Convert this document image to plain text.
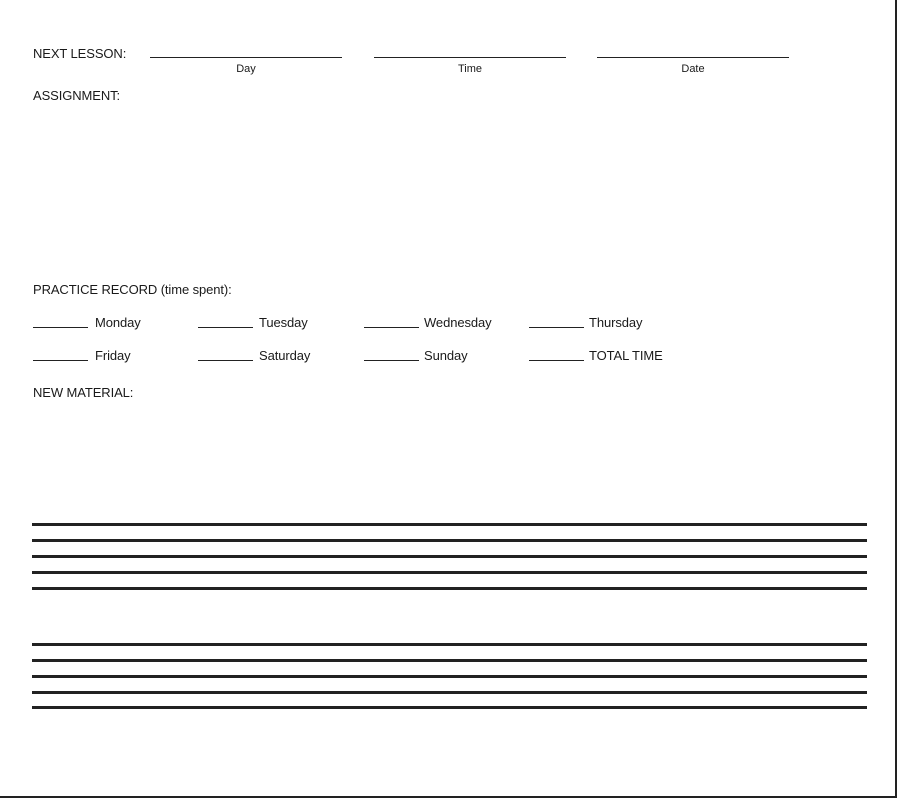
NEXT LESSON:
Day	Time	Date
ASSIGNMENT:
PRACTICE RECORD (time spent):
Monday	Tuesday	Wednesday	Thursday
Friday	Saturday	Sunday	TOTAL TIME
NEW MATERIAL:
